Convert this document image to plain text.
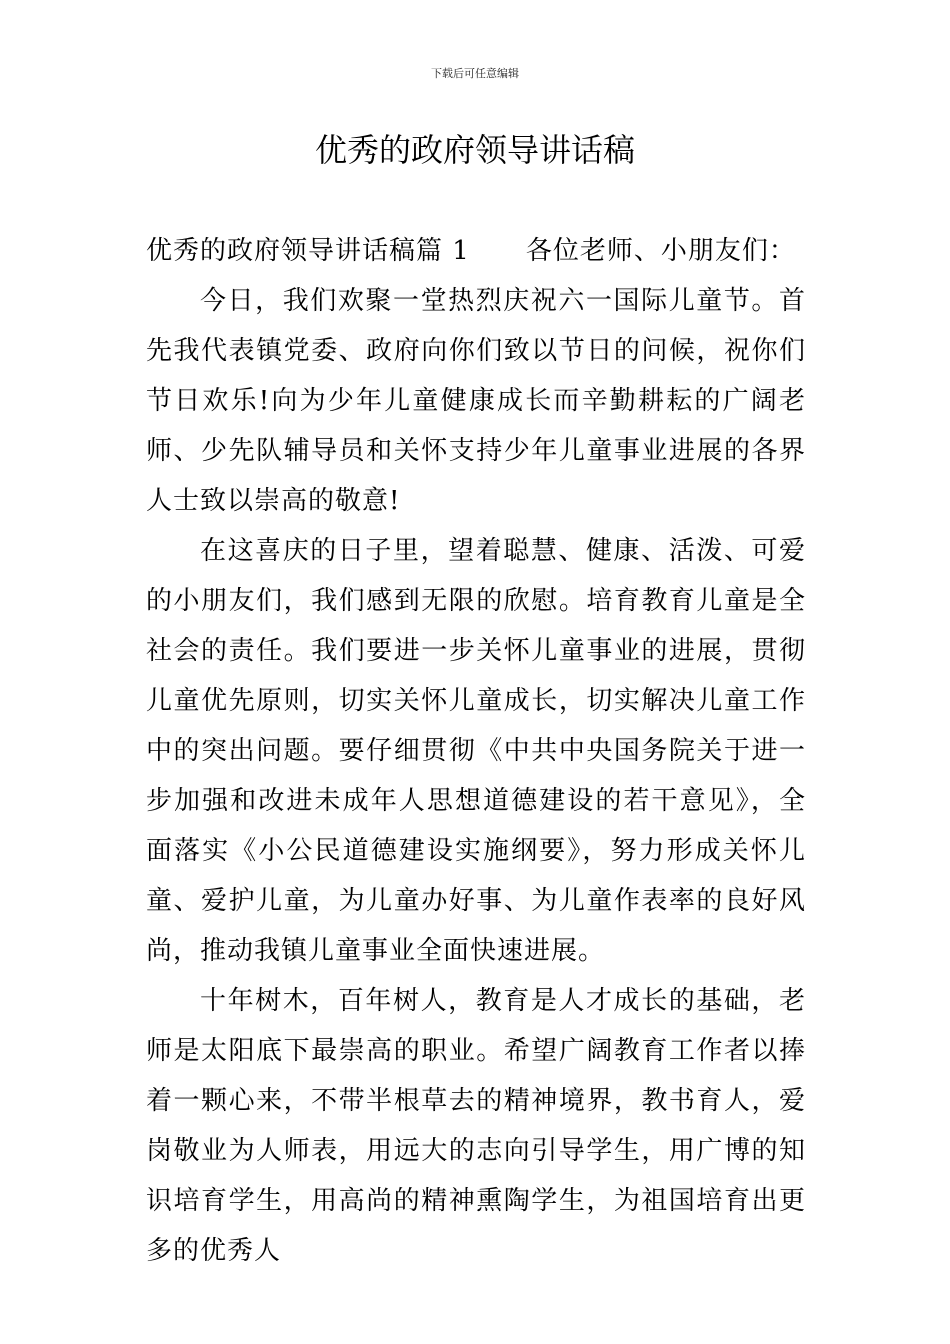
下载后可任意编辑
优秀的政府领导讲话稿

优秀的政府领导讲话稿篇 1 各位老师、小朋友们：

今日，我们欢聚一堂热烈庆祝六一国际儿童节。首先我代表镇党委、政府向你们致以节日的问候，祝你们节日欢乐!向为少年儿童健康成长而辛勤耕耘的广阔老师、少先队辅导员和关怀支持少年儿童事业进展的各界人士致以崇高的敬意!

在这喜庆的日子里，望着聪慧、健康、活泼、可爱的小朋友们，我们感到无限的欣慰。培育教育儿童是全社会的责任。我们要进一步关怀儿童事业的进展，贯彻儿童优先原则，切实关怀儿童成长，切实解决儿童工作中的突出问题。要仔细贯彻《中共中央国务院关于进一步加强和改进未成年人思想道德建设的若干意见》，全面落实《小公民道德建设实施纲要》，努力形成关怀儿童、爱护儿童，为儿童办好事、为儿童作表率的良好风尚，推动我镇儿童事业全面快速进展。

十年树木，百年树人，教育是人才成长的基础，老师是太阳底下最崇高的职业。希望广阔教育工作者以捧着一颗心来，不带半根草去的精神境界，教书育人，爱岗敬业为人师表，用远大的志向引导学生，用广博的知识培育学生，用高尚的精神熏陶学生，为祖国培育出更多的优秀人
